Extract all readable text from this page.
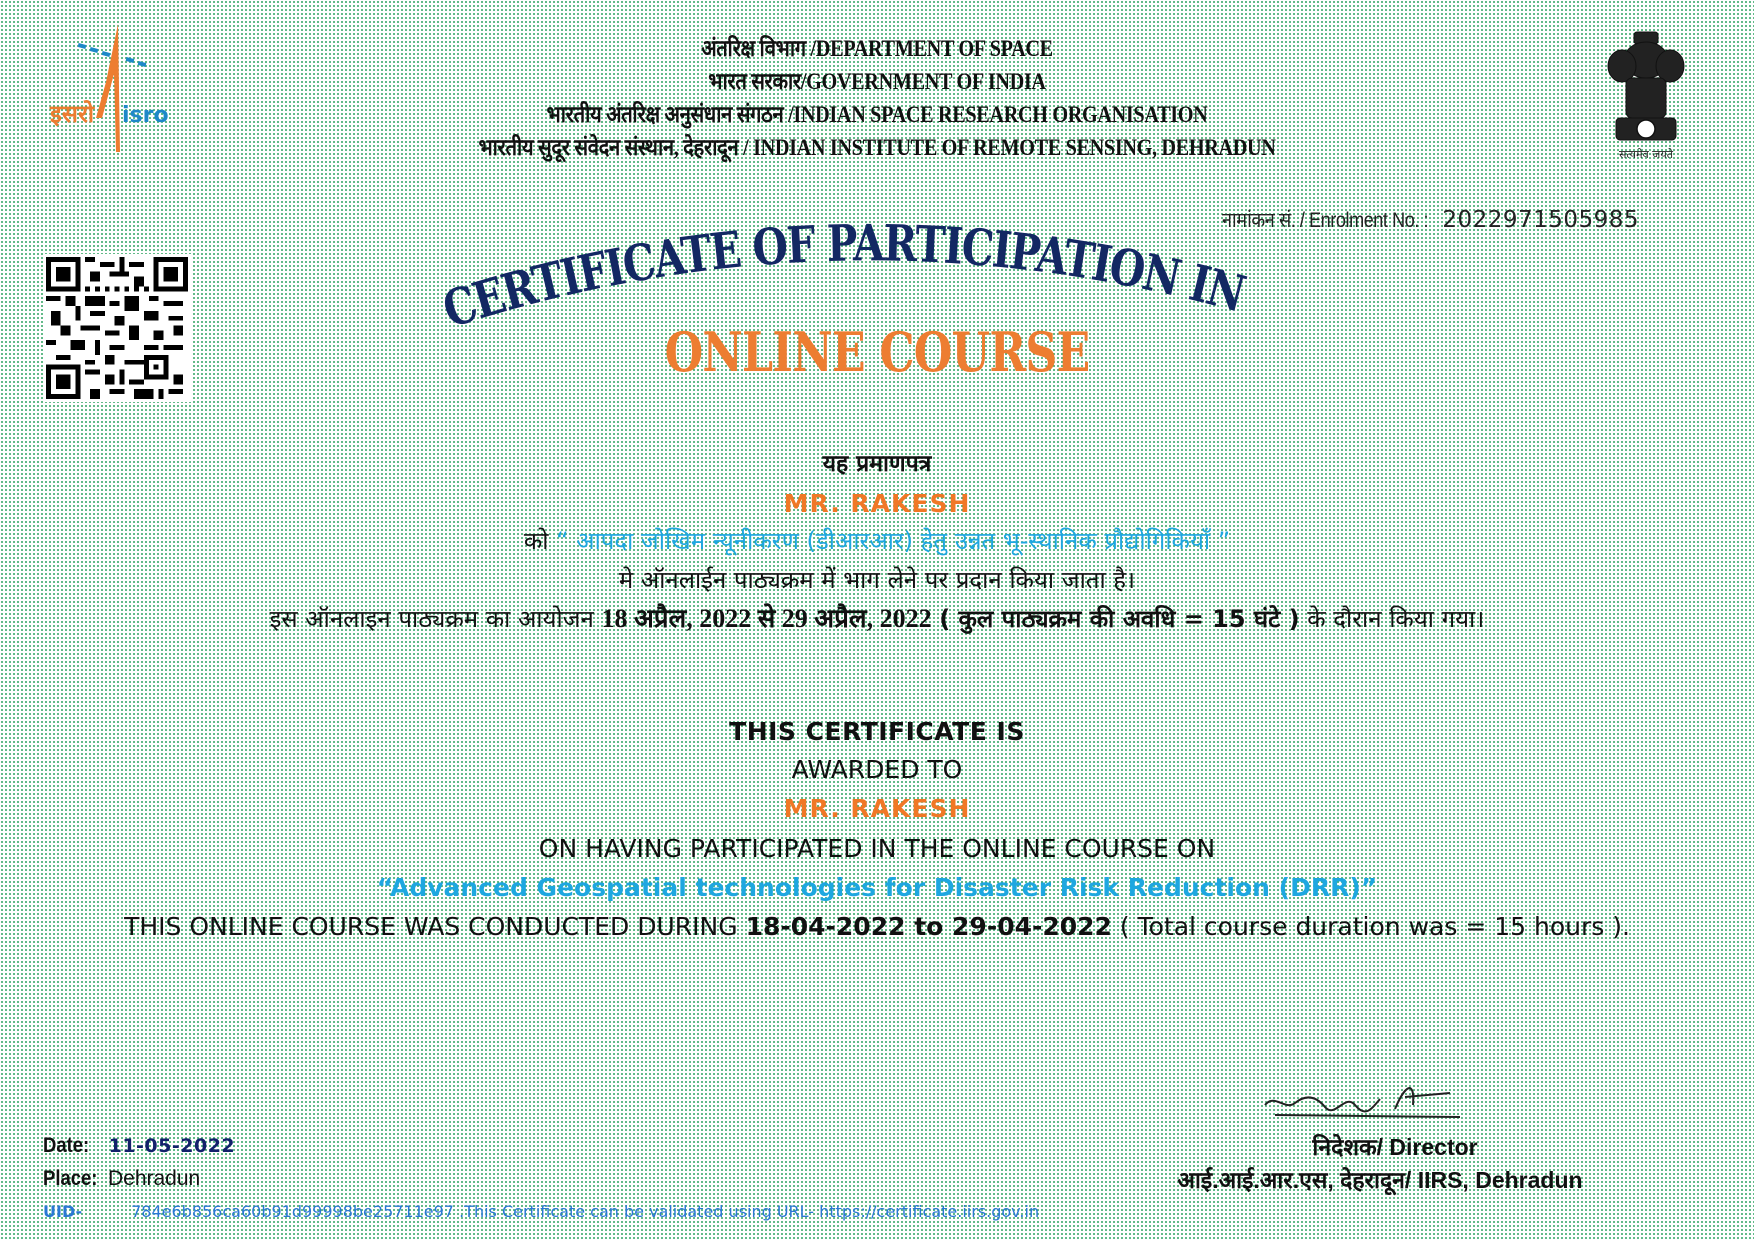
इसरो isro
अंतरिक्ष विभाग /DEPARTMENT OF SPACE
भारत सरकार/GOVERNMENT OF INDIA
भारतीय अंतरिक्ष अनुसंधान संगठन /INDIAN SPACE RESEARCH ORGANISATION
भारतीय सुदूर संवेदन संस्थान, देहरादून / INDIAN INSTITUTE OF REMOTE SENSING, DEHRADUN	सत्यमेव जयते
नामांकन सं. / Enrolment No. : 2022971505985
CERTIFICATE OF PARTICIPATION IN
ONLINE COURSE
यह प्रमाणपत्र
MR. RAKESH
को “ आपदा जोखिम न्यूनीकरण (डीआरआर) हेतु उन्नत भू-स्थानिक प्रौद्योगिकियाँ ”
मे ऑनलाईन पाठ्यक्रम में भाग लेने पर प्रदान किया जाता है।
इस ऑनलाइन पाठ्यक्रम का आयोजन 18 अप्रैल, 2022 से 29 अप्रैल, 2022 ( कुल पाठ्यक्रम की अवधि = 15 घंटे ) के दौरान किया गया।
THIS CERTIFICATE IS
AWARDED TO
MR. RAKESH
ON HAVING PARTICIPATED IN THE ONLINE COURSE ON
“Advanced Geospatial technologies for Disaster Risk Reduction (DRR)”
THIS ONLINE COURSE WAS CONDUCTED DURING 18-04-2022 to 29-04-2022 ( Total course duration was = 15 hours ).
Date: 11-05-2022
Place: Dehradun
UID-	784e6b856ca60b91d99998be25711e97 .This Certificate can be validated using URL- https://certificate.iirs.gov.in
निदेशक/ Director
आई.आई.आर.एस, देहरादून/ IIRS, Dehradun
